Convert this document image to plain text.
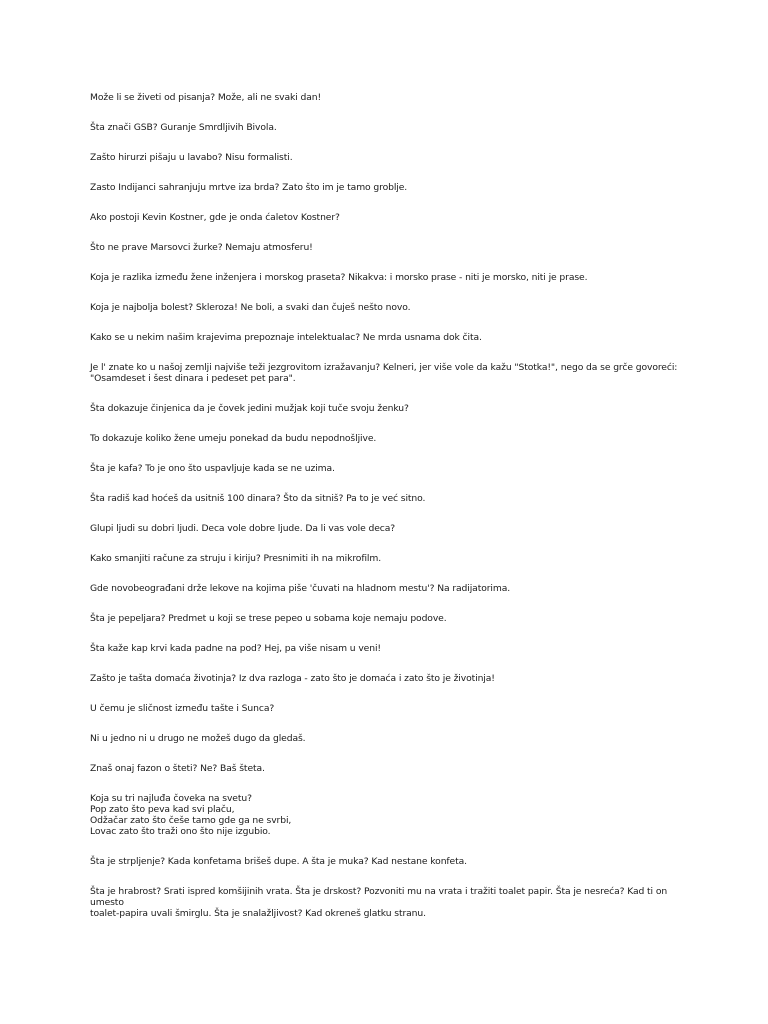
Može li se živeti od pisanja? Može, ali ne svaki dan!

Šta znači GSB? Guranje Smrdljivih Bivola.

Zašto hirurzi pišaju u lavabo? Nisu formalisti.

Zasto Indijanci sahranjuju mrtve iza brda? Zato što im je tamo groblje.

Ako postoji Kevin Kostner, gde je onda ćaletov Kostner?

Što ne prave Marsovci žurke? Nemaju atmosferu!

Koja je razlika između žene inženjera i morskog praseta? Nikakva: i morsko prase - niti je morsko, niti je prase.

Koja je najbolja bolest? Skleroza! Ne boli, a svaki dan čuješ nešto novo.

Kako se u nekim našim krajevima prepoznaje intelektualac? Ne mrda usnama dok čita.

Je l' znate ko u našoj zemlji najviše teži jezgrovitom izražavanju? Kelneri, jer više vole da kažu "Stotka!", nego da se grče govoreći:
"Osamdeset i šest dinara i pedeset pet para".

Šta dokazuje činjenica da je čovek jedini mužjak koji tuče svoju ženku?

To dokazuje koliko žene umeju ponekad da budu nepodnošljive.

Šta je kafa? To je ono što uspavljuje kada se ne uzima.

Šta radiš kad hoćeš da usitniš 100 dinara? Što da sitniš? Pa to je već sitno.

Glupi ljudi su dobri ljudi. Deca vole dobre ljude. Da li vas vole deca?

Kako smanjiti račune za struju i kiriju? Presnimiti ih na mikrofilm.

Gde novobeograđani drže lekove na kojima piše 'čuvati na hladnom mestu'? Na radijatorima.

Šta je pepeljara? Predmet u koji se trese pepeo u sobama koje nemaju podove.

Šta kaže kap krvi kada padne na pod? Hej, pa više nisam u veni!

Zašto je tašta domaća životinja? Iz dva razloga - zato što je domaća i zato što je životinja!

U čemu je sličnost između tašte i Sunca?

Ni u jedno ni u drugo ne možeš dugo da gledaš.

Znaš onaj fazon o šteti? Ne? Baš šteta.

Koja su tri najluđa čoveka na svetu?
Pop zato što peva kad svi plaču,
Odžačar zato što češe tamo gde ga ne svrbi,
Lovac zato što traži ono što nije izgubio.

Šta je strpljenje? Kada konfetama brišeš dupe. A šta je muka? Kad nestane konfeta.

Šta je hrabrost? Srati ispred komšijinih vrata. Šta je drskost? Pozvoniti mu na vrata i tražiti toalet papir. Šta je nesreća? Kad ti on umesto
toalet-papira uvali šmirglu. Šta je snalažljivost? Kad okreneš glatku stranu.
